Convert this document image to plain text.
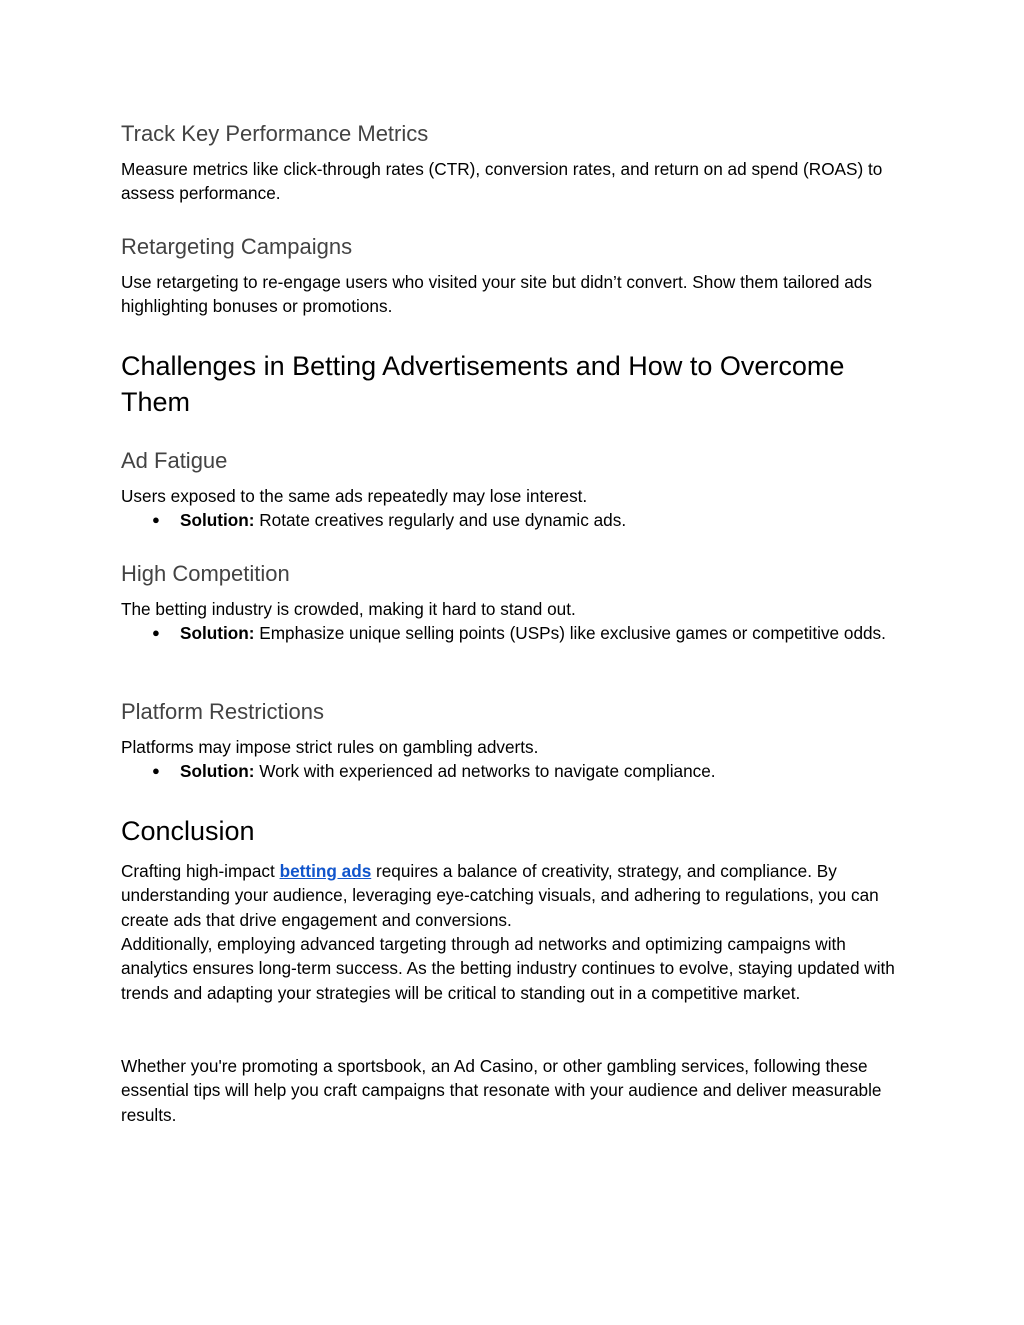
Track Key Performance Metrics

Measure metrics like click-through rates (CTR), conversion rates, and return on ad spend (ROAS) to assess performance.

Retargeting Campaigns

Use retargeting to re-engage users who visited your site but didn’t convert. Show them tailored ads highlighting bonuses or promotions.

Challenges in Betting Advertisements and How to Overcome Them
Ad Fatigue

Users exposed to the same ads repeatedly may lose interest.

●	Solution: Rotate creatives regularly and use dynamic ads.
High Competition

The betting industry is crowded, making it hard to stand out.

●	Solution: Emphasize unique selling points (USPs) like exclusive games or competitive odds.
Platform Restrictions

Platforms may impose strict rules on gambling adverts.

●	Solution: Work with experienced ad networks to navigate compliance.
Conclusion

Crafting high-impact betting ads requires a balance of creativity, strategy, and compliance. By understanding your audience, leveraging eye-catching visuals, and adhering to regulations, you can create ads that drive engagement and conversions.

Additionally, employing advanced targeting through ad networks and optimizing campaigns with analytics ensures long-term success. As the betting industry continues to evolve, staying updated with trends and adapting your strategies will be critical to standing out in a competitive market.

Whether you're promoting a sportsbook, an Ad Casino, or other gambling services, following these essential tips will help you craft campaigns that resonate with your audience and deliver measurable results.
